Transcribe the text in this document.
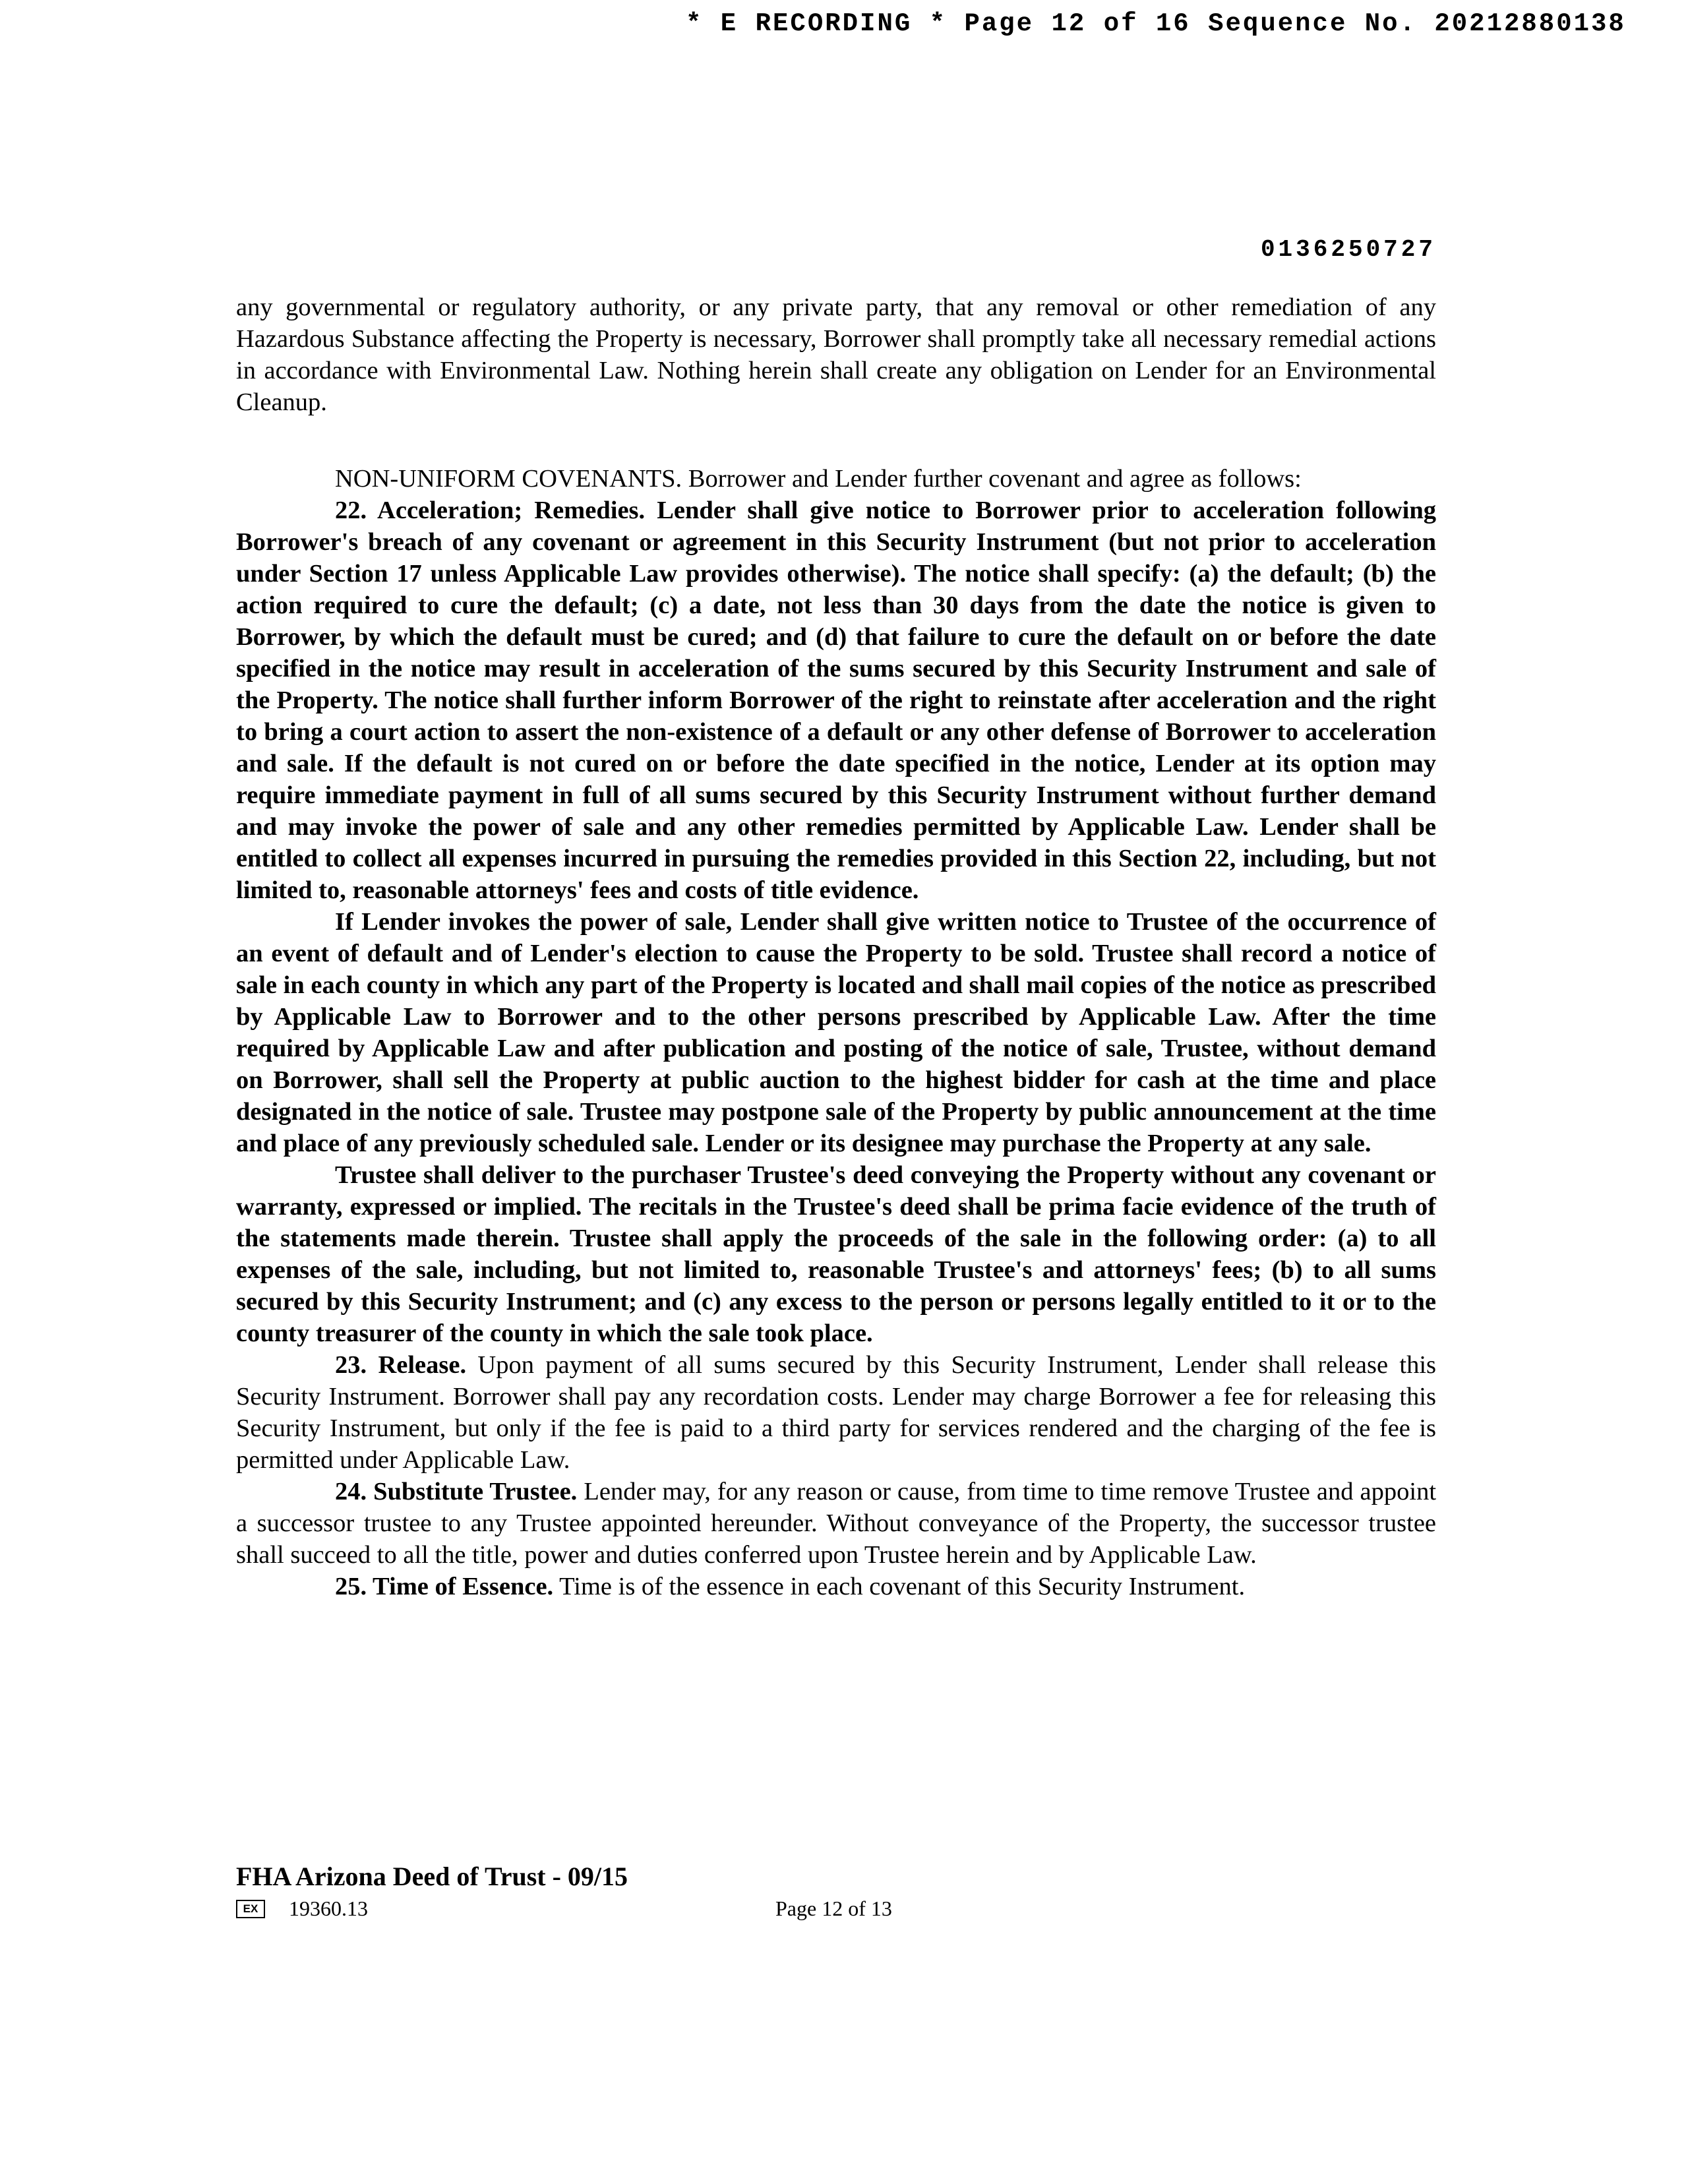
* E RECORDING * Page 12 of 16 Sequence No. 20212880138
0136250727

any governmental or regulatory authority, or any private party, that any removal or other remediation of any Hazardous Substance affecting the Property is necessary, Borrower shall promptly take all necessary remedial actions in accordance with Environmental Law. Nothing herein shall create any obligation on Lender for an Environmental Cleanup.

NON-UNIFORM COVENANTS. Borrower and Lender further covenant and agree as follows:

22. Acceleration; Remedies. Lender shall give notice to Borrower prior to acceleration following Borrower's breach of any covenant or agreement in this Security Instrument (but not prior to acceleration under Section 17 unless Applicable Law provides otherwise). The notice shall specify: (a) the default; (b) the action required to cure the default; (c) a date, not less than 30 days from the date the notice is given to Borrower, by which the default must be cured; and (d) that failure to cure the default on or before the date specified in the notice may result in acceleration of the sums secured by this Security Instrument and sale of the Property. The notice shall further inform Borrower of the right to reinstate after acceleration and the right to bring a court action to assert the non-existence of a default or any other defense of Borrower to acceleration and sale. If the default is not cured on or before the date specified in the notice, Lender at its option may require immediate payment in full of all sums secured by this Security Instrument without further demand and may invoke the power of sale and any other remedies permitted by Applicable Law. Lender shall be entitled to collect all expenses incurred in pursuing the remedies provided in this Section 22, including, but not limited to, reasonable attorneys' fees and costs of title evidence.

If Lender invokes the power of sale, Lender shall give written notice to Trustee of the occurrence of an event of default and of Lender's election to cause the Property to be sold. Trustee shall record a notice of sale in each county in which any part of the Property is located and shall mail copies of the notice as prescribed by Applicable Law to Borrower and to the other persons prescribed by Applicable Law. After the time required by Applicable Law and after publication and posting of the notice of sale, Trustee, without demand on Borrower, shall sell the Property at public auction to the highest bidder for cash at the time and place designated in the notice of sale. Trustee may postpone sale of the Property by public announcement at the time and place of any previously scheduled sale. Lender or its designee may purchase the Property at any sale.

Trustee shall deliver to the purchaser Trustee's deed conveying the Property without any covenant or warranty, expressed or implied. The recitals in the Trustee's deed shall be prima facie evidence of the truth of the statements made therein. Trustee shall apply the proceeds of the sale in the following order: (a) to all expenses of the sale, including, but not limited to, reasonable Trustee's and attorneys' fees; (b) to all sums secured by this Security Instrument; and (c) any excess to the person or persons legally entitled to it or to the county treasurer of the county in which the sale took place.

23. Release. Upon payment of all sums secured by this Security Instrument, Lender shall release this Security Instrument. Borrower shall pay any recordation costs. Lender may charge Borrower a fee for releasing this Security Instrument, but only if the fee is paid to a third party for services rendered and the charging of the fee is permitted under Applicable Law.

24. Substitute Trustee. Lender may, for any reason or cause, from time to time remove Trustee and appoint a successor trustee to any Trustee appointed hereunder. Without conveyance of the Property, the successor trustee shall succeed to all the title, power and duties conferred upon Trustee herein and by Applicable Law.

25. Time of Essence. Time is of the essence in each covenant of this Security Instrument.

FHA Arizona Deed of Trust - 09/15
EX	19360.13	Page 12 of 13
